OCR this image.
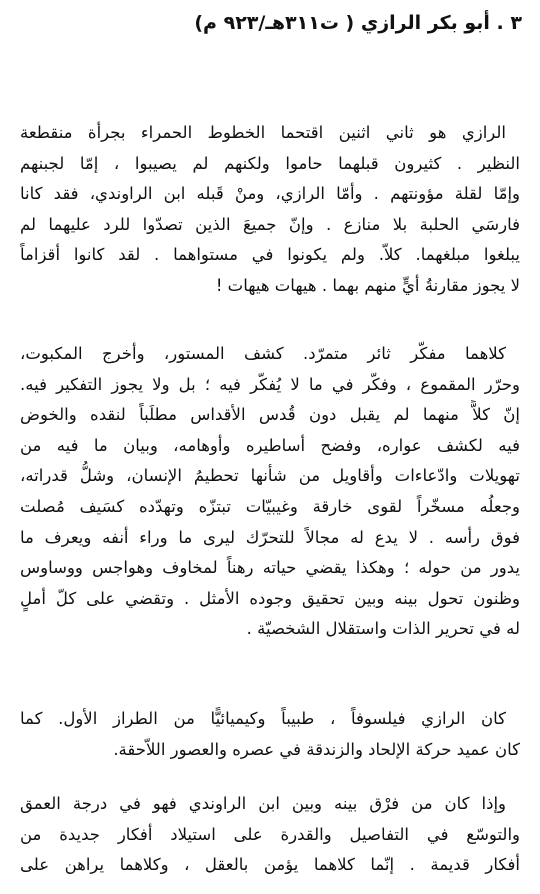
٣ . أبو بكر الرازي ( ت٣١١هـ/٩٢٣ م)
الرازي هو ثاني اثنين اقتحما الخطوط الحمراء بجرأة منقطعة
النظير . كثيرون قبلهما حاموا ولكنهم لم يصيبوا ، إمّا لجبنهم
وإمّا لقلة مؤونتهم . وأمّا الرازي، ومنْ قَبله ابن الراوندي، فقد كانا
فارسَي الحلبة بلا منازع . وإنّ جميعَ الذين تصدّوا للرد عليهما لم
يبلغوا مبلغهما. كلاّ. ولم يكونوا في مستواهما . لقد كانوا أقزاماً
لا يجوز مقارنةُ أيٍّ منهم بهما . هيهات هيهات !
كلاهما مفكّر ثائر متمرّد. كشف المستور، وأخرج المكبوت،
وحرّر المقموع ، وفكّر في ما لا يُفكّر فيه ؛ بل ولا يجوز التفكير فيه.
إنّ كلاًّ منهما لم يقبل دون قُدس الأقداس مطلَباً لنقده والخوض
فيه لكشف عواره، وفضح أساطيره وأوهامه، وبيان ما فيه من
تهويلات وادّعاءات وأقاويل من شأنها تحطيمُ الإنسان، وشلُّ قدراته،
وجعلُه مسخّراً لقوى خارقة وغيبيّات تبتزّه وتهدّده كسَيف مُصلت
فوق رأسه . لا يدع له مجالاً للتحرّك ليرى ما وراء أنفه ويعرف ما
يدور من حوله ؛ وهكذا يقضي حياته رهناً لمخاوف وهواجس ووساوس
وظنون تحول بينه وبين تحقيق وجوده الأمثل . وتقضي على كلّ أملٍ
له في تحرير الذات واستقلال الشخصيّة .
كان الرازي فيلسوفاً ، طبيباً وكيميائيًّا من الطراز الأول. كما
كان عميد حركة الإلحاد والزندقة في عصره والعصور اللاّحقة.
وإذا كان من فرْق بينه وبين ابن الراوندي فهو في درجة العمق
والتوسّع في التفاصيل والقدرة على استيلاد أفكار جديدة من
أفكار قديمة . إنّما كلاهما يؤمن بالعقل ، وكلاهما يراهن على
